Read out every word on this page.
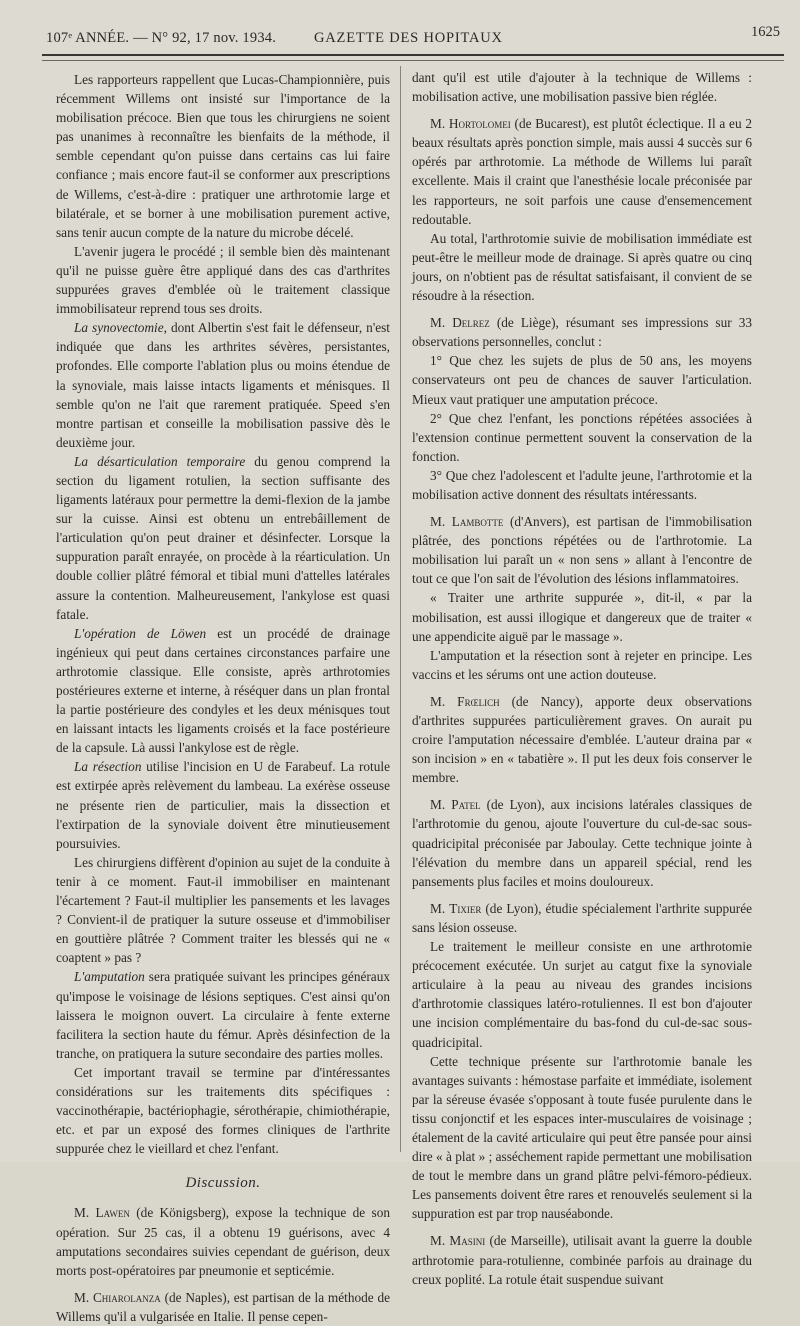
107ᵉ ANNÉE. — N° 92, 17 nov. 1934.	GAZETTE DES HOPITAUX	1625

Les rapporteurs rappellent que Lucas-Championnière, puis récemment Willems ont insisté sur l'importance de la mobilisation précoce. Bien que tous les chirurgiens ne soient pas unanimes à reconnaître les bienfaits de la méthode, il semble cependant qu'on puisse dans certains cas lui faire confiance ; mais encore faut-il se conformer aux prescriptions de Willems, c'est-à-dire : pratiquer une arthrotomie large et bilatérale, et se borner à une mobilisation purement active, sans tenir aucun compte de la nature du microbe décelé.

L'avenir jugera le procédé ; il semble bien dès maintenant qu'il ne puisse guère être appliqué dans des cas d'arthrites suppurées graves d'emblée où le traitement classique immobilisateur reprend tous ses droits.

La synovectomie, dont Albertin s'est fait le défenseur, n'est indiquée que dans les arthrites sévères, persistantes, profondes. Elle comporte l'ablation plus ou moins étendue de la synoviale, mais laisse intacts ligaments et ménisques. Il semble qu'on ne l'ait que rarement pratiquée. Speed s'en montre partisan et conseille la mobilisation passive dès le deuxième jour.

La désarticulation temporaire du genou comprend la section du ligament rotulien, la section suffisante des ligaments latéraux pour permettre la demi-flexion de la jambe sur la cuisse. Ainsi est obtenu un entrebâillement de l'articulation qu'on peut drainer et désinfecter. Lorsque la suppuration paraît enrayée, on procède à la réarticulation. Un double collier plâtré fémoral et tibial muni d'attelles latérales assure la contention. Malheureusement, l'ankylose est quasi fatale.

L'opération de Löwen est un procédé de drainage ingénieux qui peut dans certaines circonstances parfaire une arthrotomie classique. Elle consiste, après arthrotomies postérieures externe et interne, à réséquer dans un plan frontal la partie postérieure des condyles et les deux ménisques tout en laissant intacts les ligaments croisés et la face postérieure de la capsule. Là aussi l'ankylose est de règle.

La résection utilise l'incision en U de Farabeuf. La rotule est extirpée après relèvement du lambeau. La exérèse osseuse ne présente rien de particulier, mais la dissection et l'extirpation de la synoviale doivent être minutieusement poursuivies.

Les chirurgiens diffèrent d'opinion au sujet de la conduite à tenir à ce moment. Faut-il immobiliser en maintenant l'écartement ? Faut-il multiplier les pansements et les lavages ? Convient-il de pratiquer la suture osseuse et d'immobiliser en gouttière plâtrée ? Comment traiter les blessés qui ne « coaptent » pas ?

L'amputation sera pratiquée suivant les principes généraux qu'impose le voisinage de lésions septiques. C'est ainsi qu'on laissera le moignon ouvert. La circulaire à fente externe facilitera la section haute du fémur. Après désinfection de la tranche, on pratiquera la suture secondaire des parties molles.

Cet important travail se termine par d'intéressantes considérations sur les traitements dits spécifiques : vaccinothérapie, bactériophagie, sérothérapie, chimiothérapie, etc. et par un exposé des formes cliniques de l'arthrite suppurée chez le vieillard et chez l'enfant.

Discussion.

M. Lawen (de Königsberg), expose la technique de son opération. Sur 25 cas, il a obtenu 19 guérisons, avec 4 amputations secondaires suivies cependant de guérison, deux morts post-opératoires par pneumonie et septicémie.

M. Chiarolanza (de Naples), est partisan de la méthode de Willems qu'il a vulgarisée en Italie. Il pense cepen-

dant qu'il est utile d'ajouter à la technique de Willems : mobilisation active, une mobilisation passive bien réglée.

M. Hortolomei (de Bucarest), est plutôt éclectique. Il a eu 2 beaux résultats après ponction simple, mais aussi 4 succès sur 6 opérés par arthrotomie. La méthode de Willems lui paraît excellente. Mais il craint que l'anesthésie locale préconisée par les rapporteurs, ne soit parfois une cause d'ensemencement redoutable.

Au total, l'arthrotomie suivie de mobilisation immédiate est peut-être le meilleur mode de drainage. Si après quatre ou cinq jours, on n'obtient pas de résultat satisfaisant, il convient de se résoudre à la résection.

M. Delrez (de Liège), résumant ses impressions sur 33 observations personnelles, conclut :

1° Que chez les sujets de plus de 50 ans, les moyens conservateurs ont peu de chances de sauver l'articulation. Mieux vaut pratiquer une amputation précoce.

2° Que chez l'enfant, les ponctions répétées associées à l'extension continue permettent souvent la conservation de la fonction.

3° Que chez l'adolescent et l'adulte jeune, l'arthrotomie et la mobilisation active donnent des résultats intéressants.

M. Lambotte (d'Anvers), est partisan de l'immobilisation plâtrée, des ponctions répétées ou de l'arthrotomie. La mobilisation lui paraît un « non sens » allant à l'encontre de tout ce que l'on sait de l'évolution des lésions inflammatoires.

« Traiter une arthrite suppurée », dit-il, « par la mobilisation, est aussi illogique et dangereux que de traiter « une appendicite aiguë par le massage ».

L'amputation et la résection sont à rejeter en principe. Les vaccins et les sérums ont une action douteuse.

M. Frœlich (de Nancy), apporte deux observations d'arthrites suppurées particulièrement graves. On aurait pu croire l'amputation nécessaire d'emblée. L'auteur draina par « son incision » en « tabatière ». Il put les deux fois conserver le membre.

M. Patel (de Lyon), aux incisions latérales classiques de l'arthrotomie du genou, ajoute l'ouverture du cul-de-sac sous-quadricipital préconisée par Jaboulay. Cette technique jointe à l'élévation du membre dans un appareil spécial, rend les pansements plus faciles et moins douloureux.

M. Tixier (de Lyon), étudie spécialement l'arthrite suppurée sans lésion osseuse.

Le traitement le meilleur consiste en une arthrotomie précocement exécutée. Un surjet au catgut fixe la synoviale articulaire à la peau au niveau des grandes incisions d'arthrotomie classiques latéro-rotuliennes. Il est bon d'ajouter une incision complémentaire du bas-fond du cul-de-sac sous-quadricipital.

Cette technique présente sur l'arthrotomie banale les avantages suivants : hémostase parfaite et immédiate, isolement par la séreuse évasée s'opposant à toute fusée purulente dans le tissu conjonctif et les espaces inter-musculaires de voisinage ; étalement de la cavité articulaire qui peut être pansée pour ainsi dire « à plat » ; asséchement rapide permettant une mobilisation de tout le membre dans un grand plâtre pelvi-fémoro-pédieux. Les pansements doivent être rares et renouvelés seulement si la suppuration est par trop nauséabonde.

M. Masini (de Marseille), utilisait avant la guerre la double arthrotomie para-rotulienne, combinée parfois au drainage du creux poplité. La rotule était suspendue suivant
